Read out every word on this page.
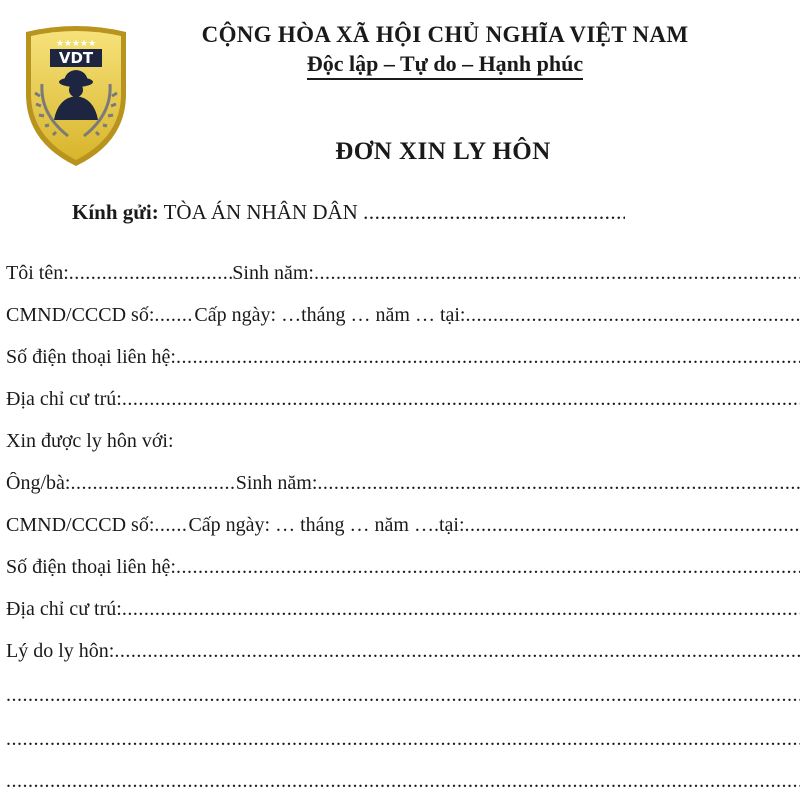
★★★★★
VDT
CỘNG HÒA XÃ HỘI CHỦ NGHĨA VIỆT NAM
Độc lập – Tự do – Hạnh phúc
ĐƠN XIN LY HÔN
Kính gửi: TÒA ÁN NHÂN DÂN .....
Tôi tên: .....	Sinh năm:
.....
CMND/CCCD số: ..... Cấp ngày: …tháng … năm … tại:
.....
Số điện thoại liên hệ:
.....
Địa chỉ cư trú:
.....
Xin được ly hôn với:
Ông/bà: .....	Sinh năm:
.....
CMND/CCCD số: ..... Cấp ngày: … tháng … năm ….tại:
.....
Số điện thoại liên hệ:
.....
Địa chỉ cư trú:
.....
Lý do ly hôn:
.....
.....
.....
.....
